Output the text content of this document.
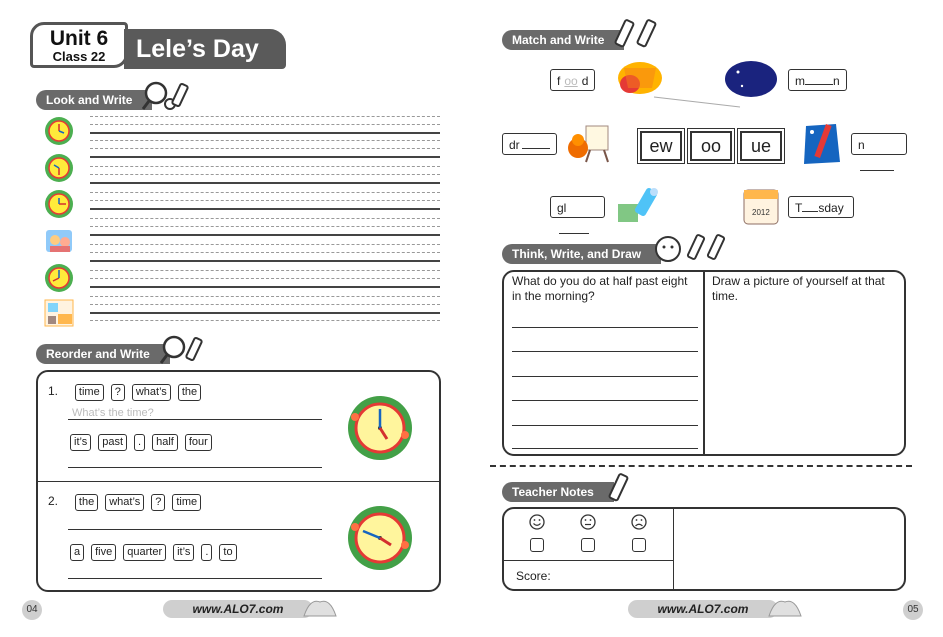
Unit 6
Class 22	Lele’s Day
Look and Write
Reorder and Write
1. time ? what’s the
What’s the time?
it’s past . half four
2. the what’s ? time
a five quarter it’s . to
04	www.ALO7.com
Match and Write
f oo d	m n
dr	ew	oo	ue	n
gl	2012	T sday
Think, Write, and Draw
What do you do at half past eight in the morning?
Draw a picture of yourself at that time.
Teacher Notes
Score:
www.ALO7.com	05
